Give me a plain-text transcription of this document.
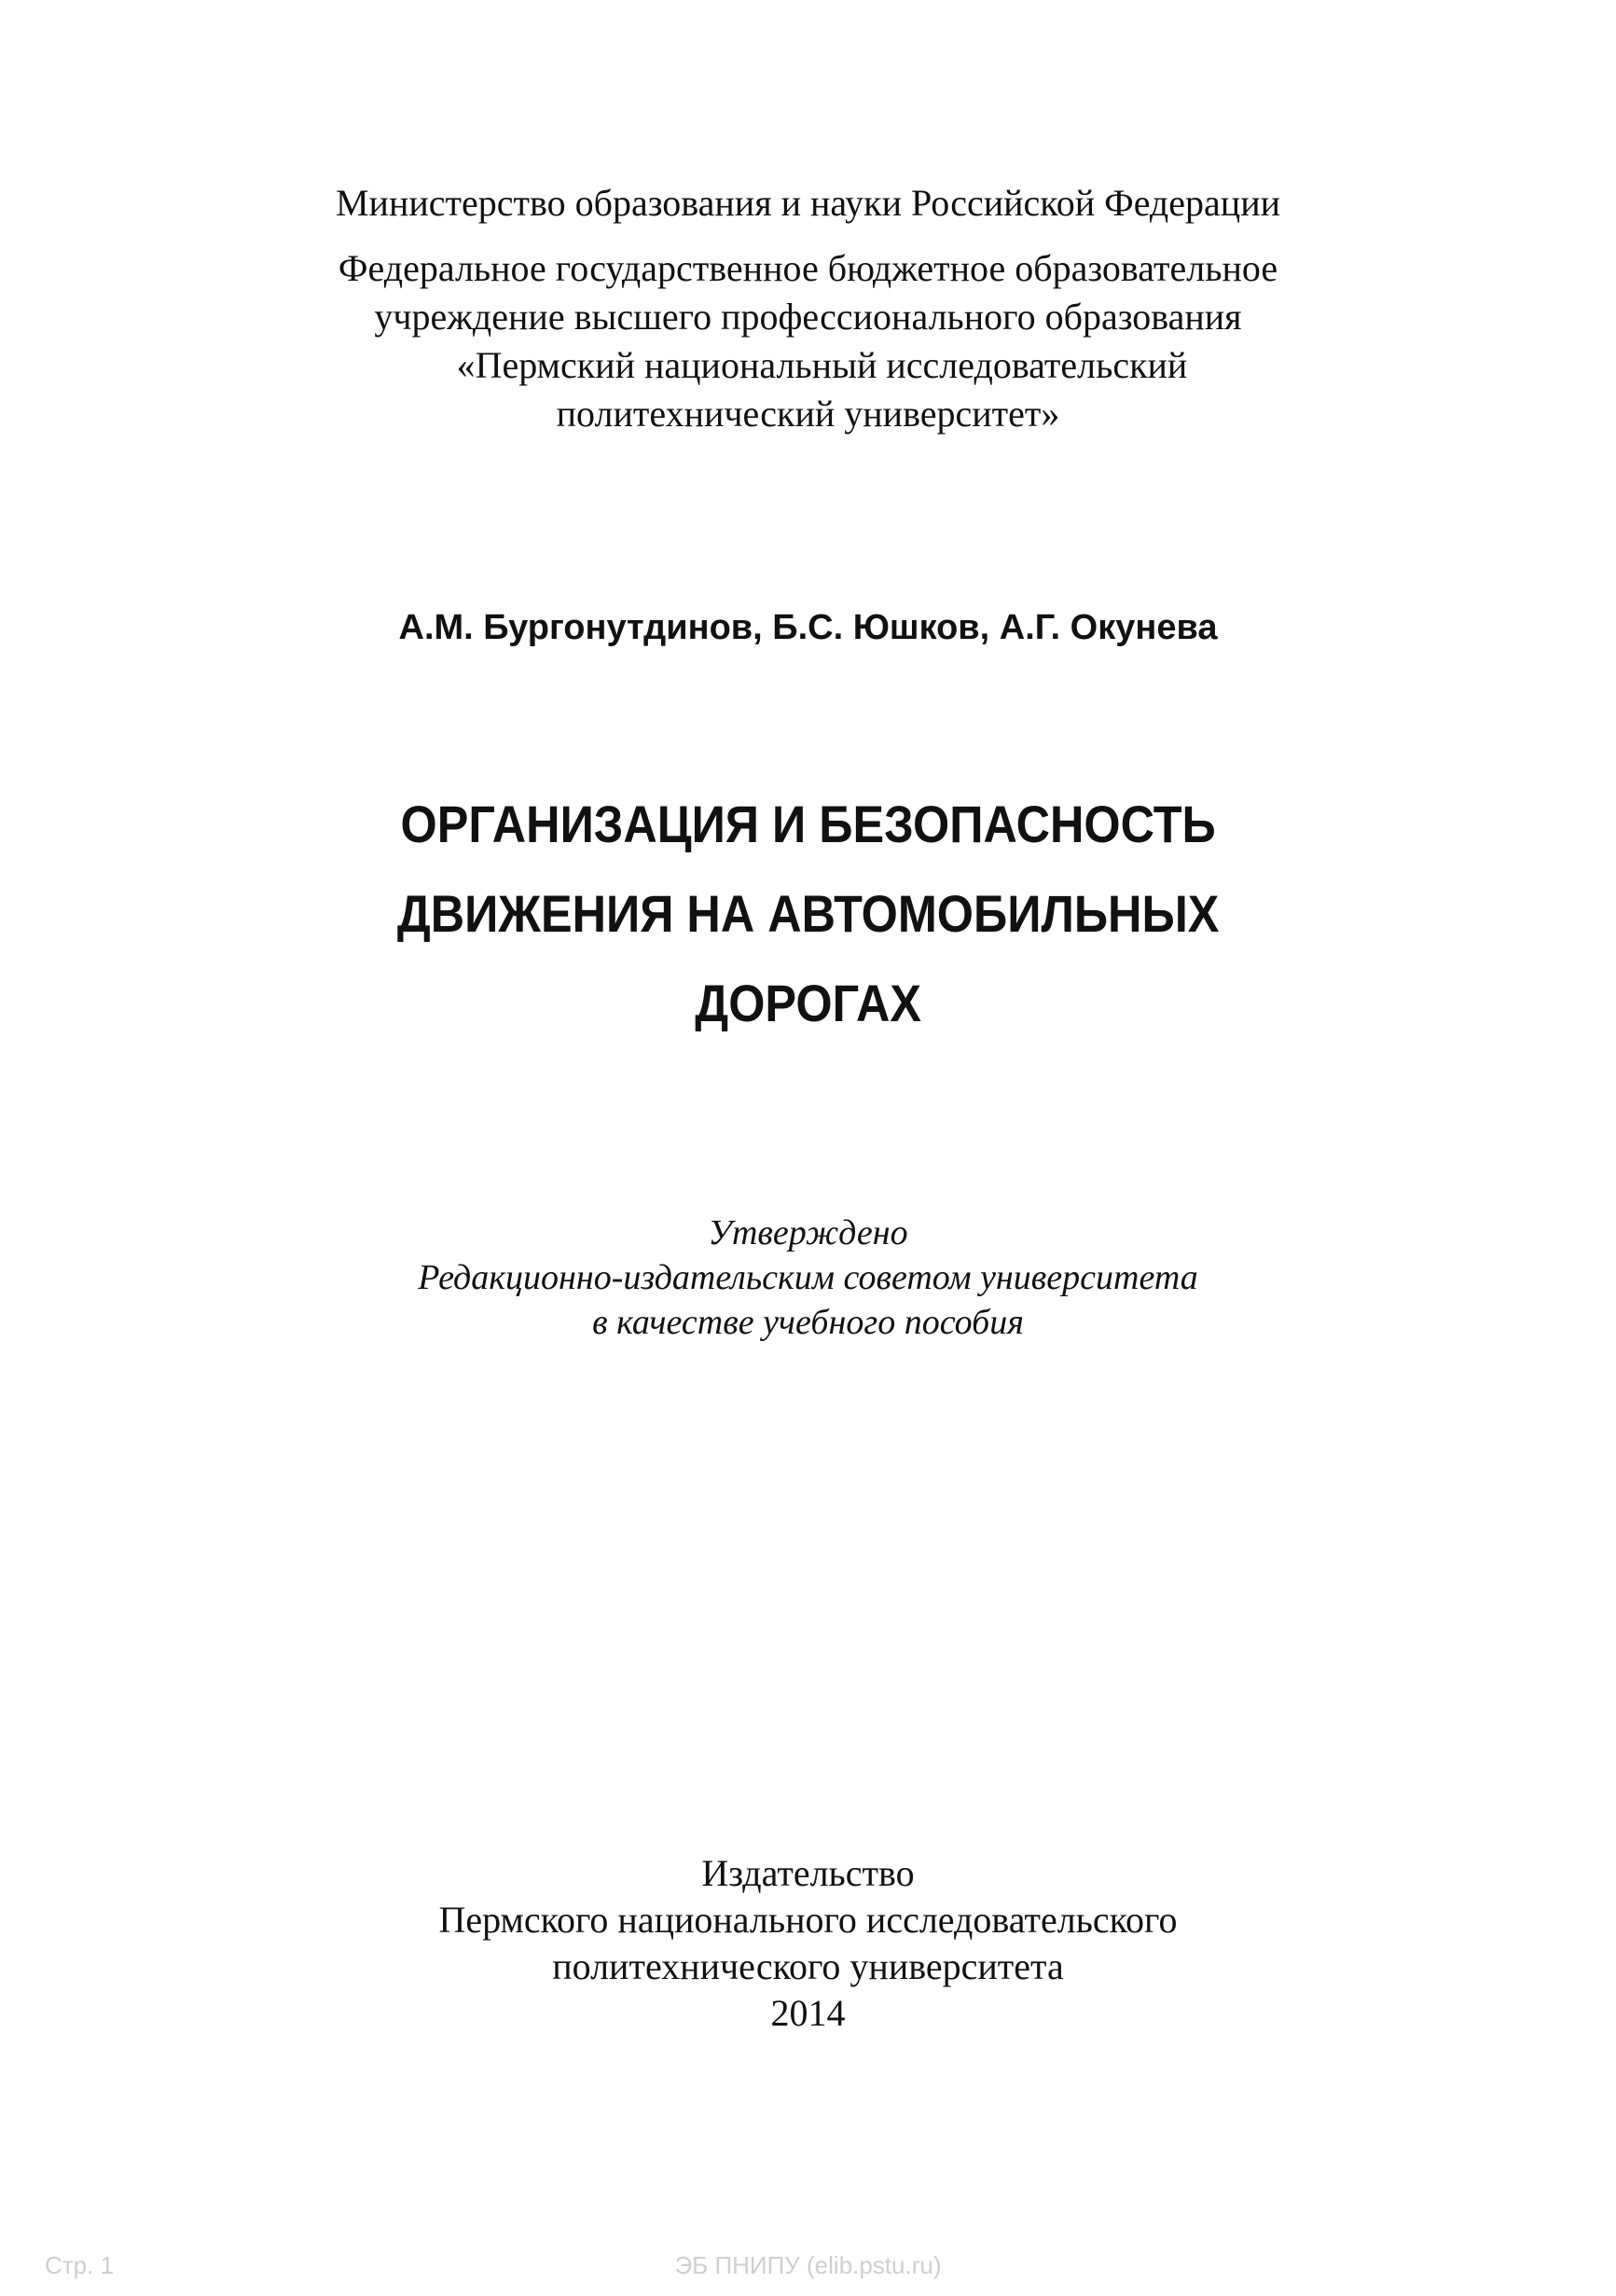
Министерство образования и науки Российской Федерации
Федеральное государственное бюджетное образовательное
учреждение высшего профессионального образования
«Пермский национальный исследовательский
политехнический университет»
А.М. Бургонутдинов, Б.С. Юшков, А.Г. Окунева
ОРГАНИЗАЦИЯ И БЕЗОПАСНОСТЬ
ДВИЖЕНИЯ НА АВТОМОБИЛЬНЫХ
ДОРОГАХ
Утверждено
Редакционно-издательским советом университета
в качестве учебного пособия
Издательство
Пермского национального исследовательского
политехнического университета
2014
ЭБ ПНИПУ (elib.pstu.ru)
Стр. 1
